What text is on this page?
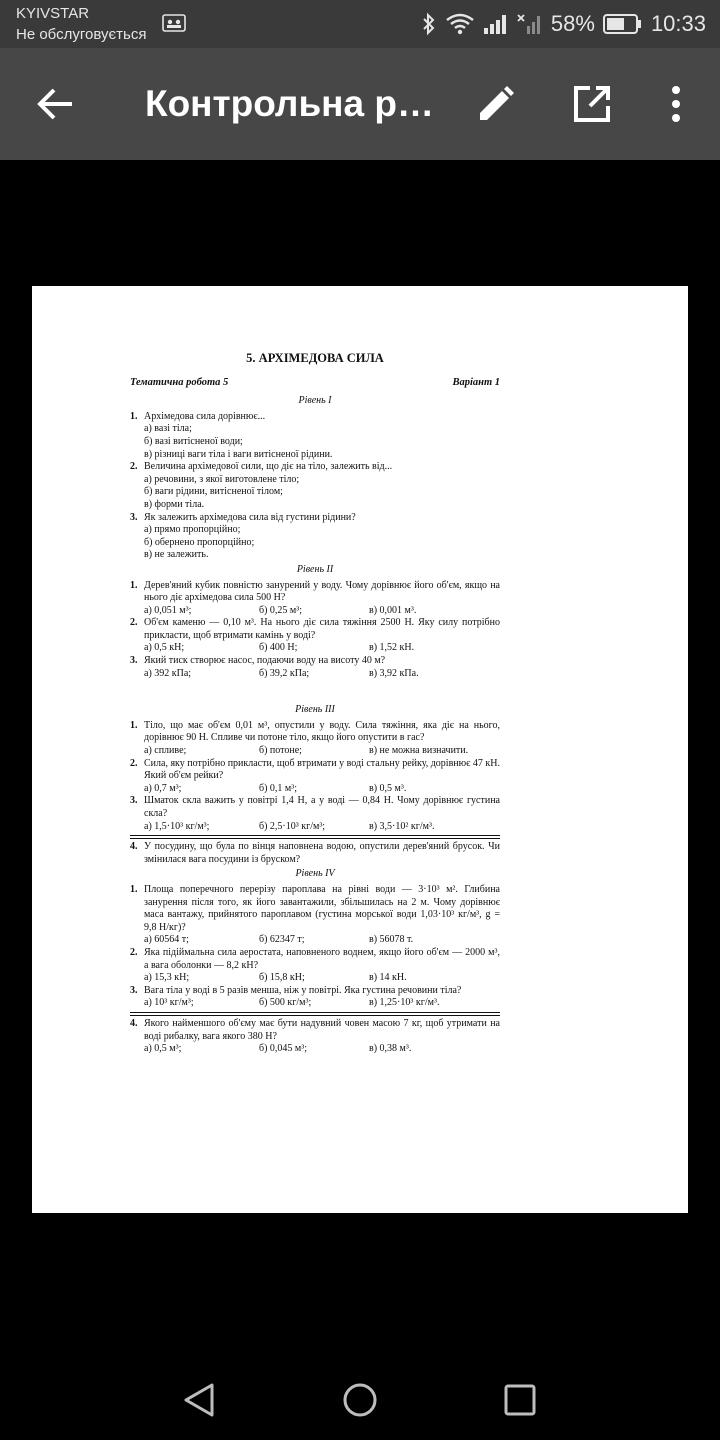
KYIVSTAR
Не обслуговується	58%	10:33
Контрольна р…
5. АРХІМЕДОВА СИЛА
Тематична робота 5	Варіант 1
Рівень I
1. Архімедова сила дорівнює...
а) вазі тіла;
б) вазі витісненої води;
в) різниці ваги тіла і ваги витісненої рідини.
2. Величина архімедової сили, що діє на тіло, залежить від...
а) речовини, з якої виготовлене тіло;
б) ваги рідини, витісненої тілом;
в) форми тіла.
3. Як залежить архімедова сила від густини рідини?
а) прямо пропорційно;
б) обернено пропорційно;
в) не залежить.
Рівень II
1. Дерев'яний кубик повністю занурений у воду. Чому дорівнює його об'єм, якщо на нього діє архімедова сила 500 Н?
а) 0,051 м³;	б) 0,25 м³;	в) 0,001 м³.
2. Об'єм каменю — 0,10 м³. На нього діє сила тяжіння 2500 Н. Яку силу потрібно прикласти, щоб втримати камінь у воді?
а) 0,5 кН;	б) 400 Н;	в) 1,52 кН.
3. Який тиск створює насос, подаючи воду на висоту 40 м?
а) 392 кПа;	б) 39,2 кПа;	в) 3,92 кПа.
Рівень III
1. Тіло, що має об'єм 0,01 м³, опустили у воду. Сила тяжіння, яка діє на нього, дорівнює 90 Н. Спливе чи потоне тіло, якщо його опустити в гас?
а) спливе;	б) потоне;	в) не можна визначити.
2. Сила, яку потрібно прикласти, щоб втримати у воді стальну рейку, дорівнює 47 кН. Який об'єм рейки?
а) 0,7 м³;	б) 0,1 м³;	в) 0,5 м³.
3. Шматок скла важить у повітрі 1,4 Н, а у воді — 0,84 Н. Чому дорівнює густина скла?
а) 1,5·10³ кг/м³;	б) 2,5·10³ кг/м³;	в) 3,5·10² кг/м³.
4. У посудину, що була по вінця наповнена водою, опустили дерев'яний брусок. Чи змінилася вага посудини із бруском?
Рівень IV
1. Площа поперечного перерізу пароплава на рівні води — 3·10³ м². Глибина занурення після того, як його завантажили, збільшилась на 2 м. Чому дорівнює маса вантажу, прийнятого пароплавом (густина морської води 1,03·10³ кг/м³, g = 9,8 Н/кг)?
а) 60564 т;	б) 62347 т;	в) 56078 т.
2. Яка підіймальна сила аеростата, наповненого воднем, якщо його об'єм — 2000 м³, а вага оболонки — 8,2 кН?
а) 15,3 кН;	б) 15,8 кН;	в) 14 кН.
3. Вага тіла у воді в 5 разів менша, ніж у повітрі. Яка густина речовини тіла?
а) 10³ кг/м³;	б) 500 кг/м³;	в) 1,25·10³ кг/м³.
4. Якого найменшого об'єму має бути надувний човен масою 7 кг, щоб утримати на воді рибалку, вага якого 380 Н?
а) 0,5 м³;	б) 0,045 м³;	в) 0,38 м³.
